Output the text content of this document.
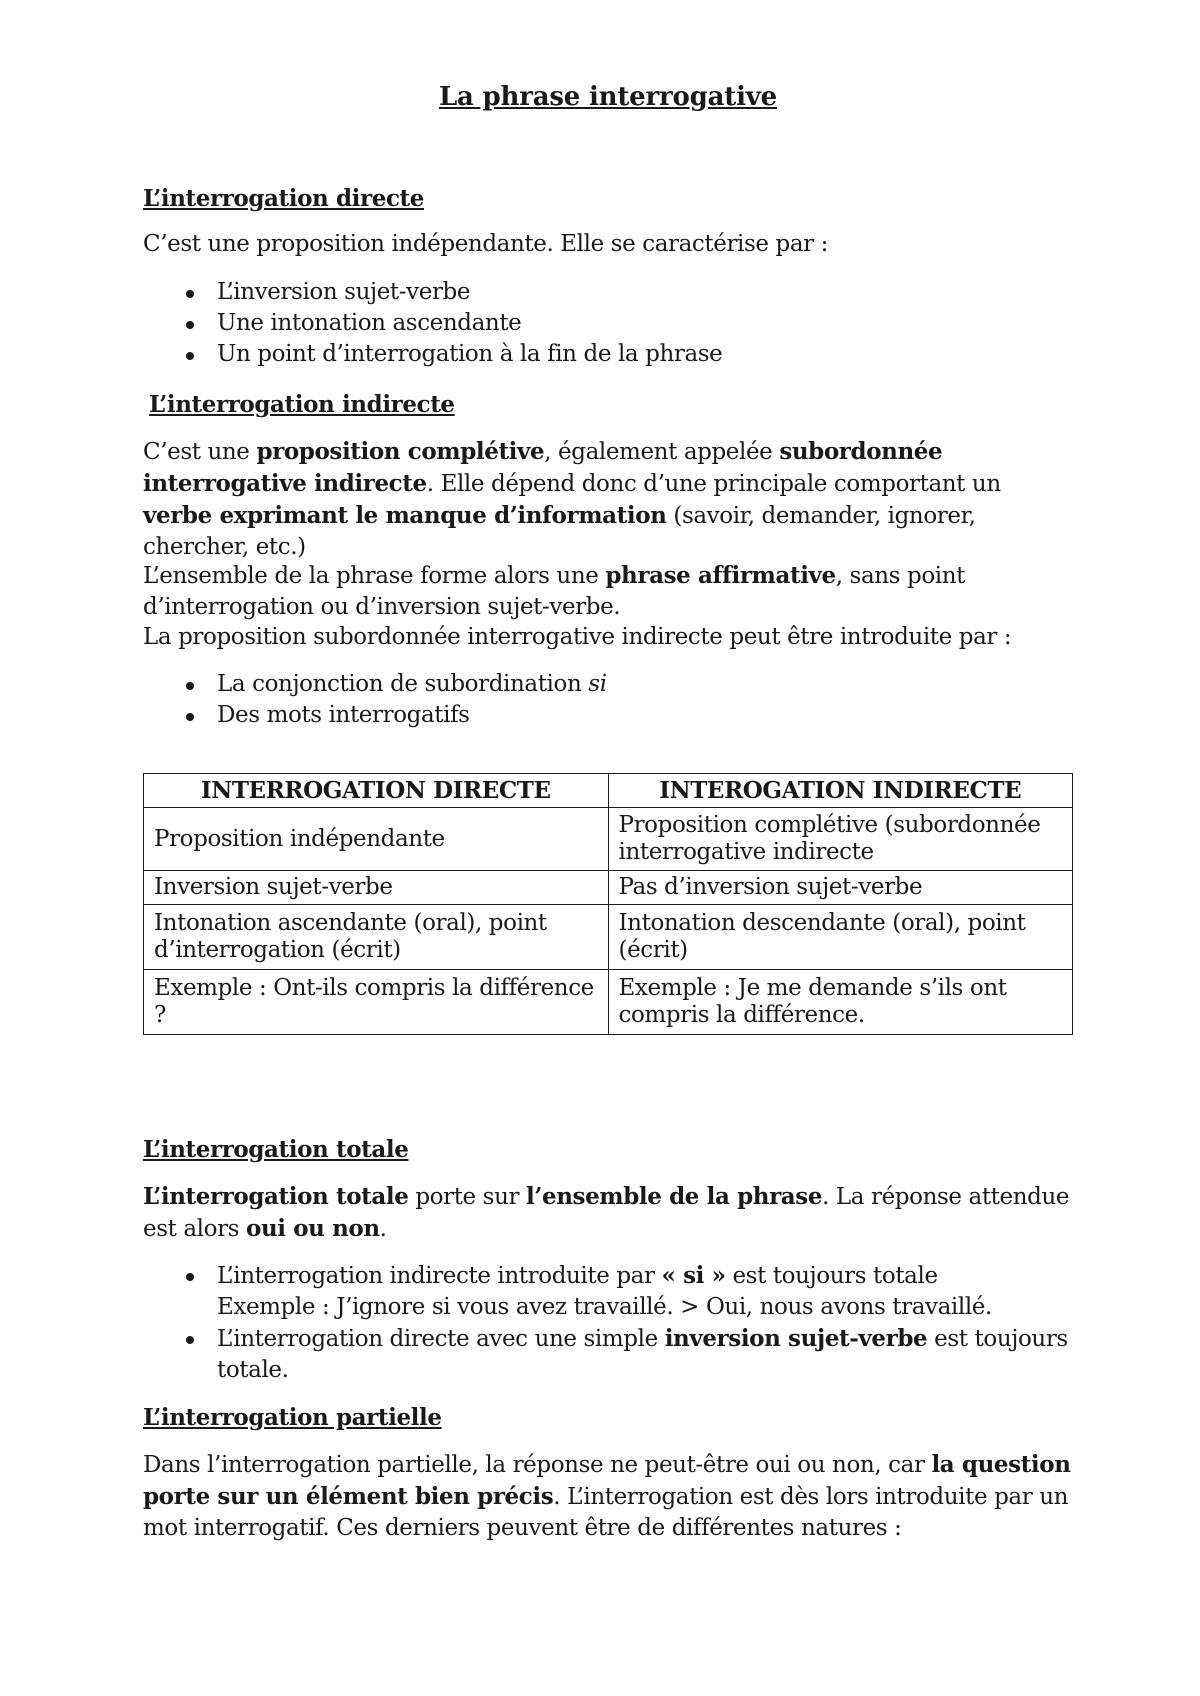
La phrase interrogative

L’interrogation directe

C’est une proposition indépendante. Elle se caractérise par :

L’inversion sujet-verbe
Une intonation ascendante
Un point d’interrogation à la fin de la phrase

L’interrogation indirecte

C’est une proposition complétive, également appelée subordonnée interrogative indirecte. Elle dépend donc d’une principale comportant un verbe exprimant le manque d’information (savoir, demander, ignorer, chercher, etc.)

L’ensemble de la phrase forme alors une phrase affirmative, sans point d’interrogation ou d’inversion sujet-verbe.

La proposition subordonnée interrogative indirecte peut être introduite par :

La conjonction de subordination si
Des mots interrogatifs
INTERROGATION DIRECTE	INTEROGATION INDIRECTE
Proposition indépendante	Proposition complétive (subordonnée interrogative indirecte
Inversion sujet-verbe	Pas d’inversion sujet-verbe
Intonation ascendante (oral), point d’interrogation (écrit)	Intonation descendante (oral), point (écrit)
Exemple : Ont-ils compris la différence ?	Exemple : Je me demande s’ils ont compris la différence.

L’interrogation totale

L’interrogation totale porte sur l’ensemble de la phrase. La réponse attendue est alors oui ou non.

L’interrogation indirecte introduite par « si » est toujours totale
Exemple : J’ignore si vous avez travaillé. > Oui, nous avons travaillé.
L’interrogation directe avec une simple inversion sujet-verbe est toujours totale.

L’interrogation partielle

Dans l’interrogation partielle, la réponse ne peut-être oui ou non, car la question porte sur un élément bien précis. L’interrogation est dès lors introduite par un mot interrogatif. Ces derniers peuvent être de différentes natures :
